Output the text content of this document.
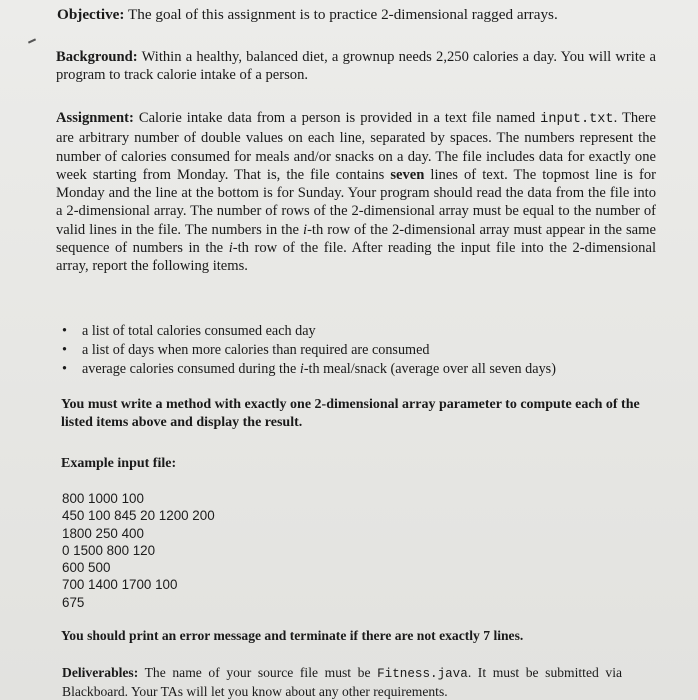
Objective: The goal of this assignment is to practice 2-dimensional ragged arrays.

Background: Within a healthy, balanced diet, a grownup needs 2,250 calories a day. You will write a program to track calorie intake of a person.

Assignment: Calorie intake data from a person is provided in a text file named input.txt. There are arbitrary number of double values on each line, separated by spaces. The numbers represent the number of calories consumed for meals and/or snacks on a day. The file includes data for exactly one week starting from Monday. That is, the file contains seven lines of text. The topmost line is for Monday and the line at the bottom is for Sunday. Your program should read the data from the file into a 2-dimensional array. The number of rows of the 2-dimensional array must be equal to the number of valid lines in the file. The numbers in the i-th row of the 2-dimensional array must appear in the same sequence of numbers in the i-th row of the file. After reading the input file into the 2-dimensional array, report the following items.

• a list of total calories consumed each day
• a list of days when more calories than required are consumed
• average calories consumed during the i-th meal/snack (average over all seven days)
You must write a method with exactly one 2-dimensional array parameter to compute each of the listed items above and display the result.
Example input file:
800 1000 100
450 100 845 20 1200 200
1800 250 400
0 1500 800 120
600 500
700 1400 1700 100
675
You should print an error message and terminate if there are not exactly 7 lines.
Deliverables: The name of your source file must be Fitness.java. It must be submitted via Blackboard. Your TAs will let you know about any other requirements.
